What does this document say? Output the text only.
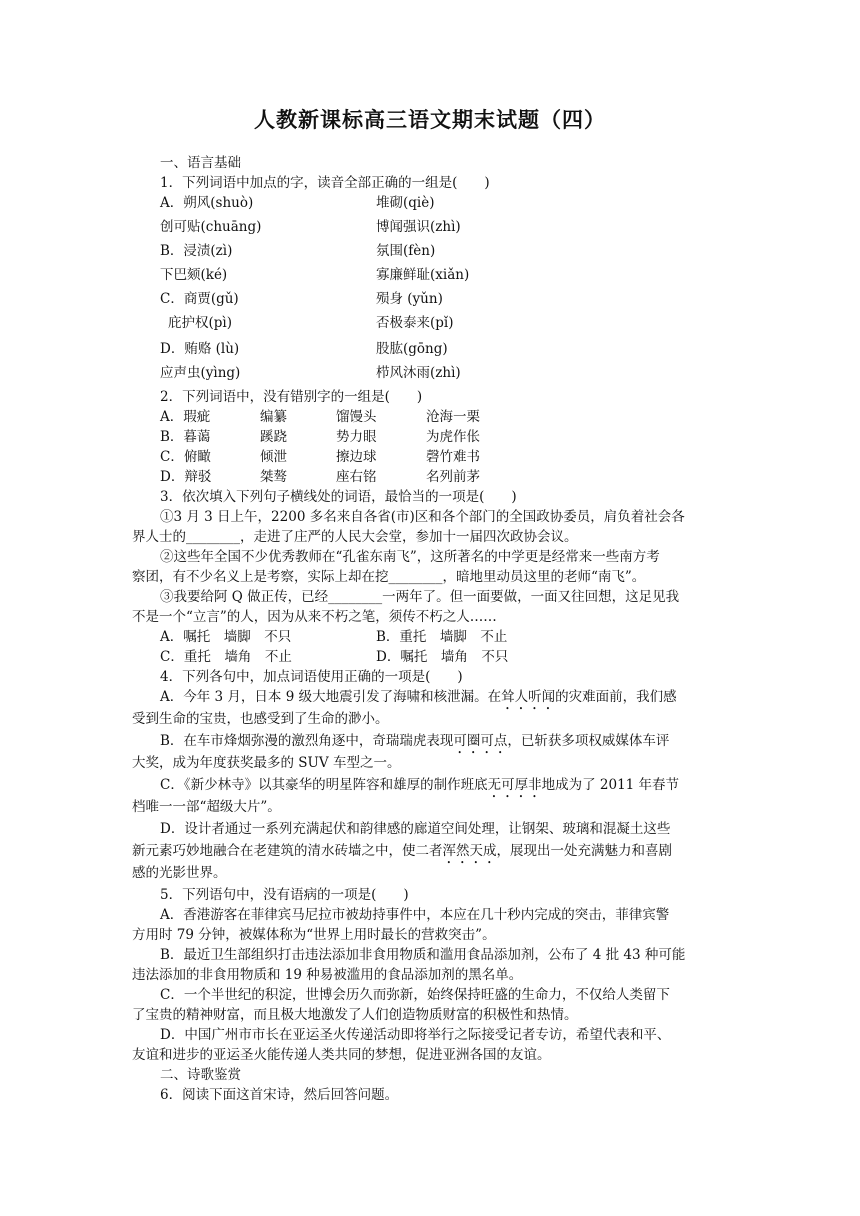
人教新课标高三语文期末试题（四）
一、语言基础
1．下列词语中加点的字，读音全部正确的一组是(　　)
A．朔风(shuò)	堆砌(qiè)
创可贴(chuāng)	博闻强识(zhì)
B．浸渍(zì)	氛围(fèn)
下巴颏(ké)	寡廉鲜耻(xiǎn)
C．商贾(gǔ)	殒身 (yǔn)
庇护权(pì)	否极泰来(pǐ)
D．贿赂 (lù)	股肱(gōng)
应声虫(yìng)	栉风沐雨(zhì)
2．下列词语中，没有错别字的一组是(　　)
A．瑕疵	编纂	馏馒头	沧海一栗
B．暮蔼	蹊跷	势力眼	为虎作伥
C．俯瞰	倾泄	擦边球	磬竹难书
D．辩驳	桀骜	座右铭	名列前茅
3．依次填入下列句子横线处的词语，最恰当的一项是(　　)
①3 月 3 日上午，2200 多名来自各省(市)区和各个部门的全国政协委员，肩负着社会各
界人士的________，走进了庄严的人民大会堂，参加十一届四次政协会议。
②这些年全国不少优秀教师在“孔雀东南飞”，这所著名的中学更是经常来一些南方考
察团，有不少名义上是考察，实际上却在挖________，暗地里动员这里的老师“南飞”。
③我要给阿 Q 做正传，已经________一两年了。但一面要做，一面又往回想，这足见我
不是一个“立言”的人，因为从来不朽之笔，须传不朽之人……
A．嘱托　墙脚　不只	B．重托　墙脚　不止
C．重托　墙角　不止	D．嘱托　墙角　不只
4．下列各句中，加点词语使用正确的一项是(　　)
A．今年 3 月，日本 9 级大地震引发了海啸和核泄漏。在耸人听闻的灾难面前，我们感
受到生命的宝贵，也感受到了生命的渺小。
B．在车市烽烟弥漫的激烈角逐中，奇瑞瑞虎表现可圈可点，已斩获多项权威媒体车评
大奖，成为年度获奖最多的 SUV 车型之一。
C．《新少林寺》以其豪华的明星阵容和雄厚的制作班底无可厚非地成为了 2011 年春节
档唯一一部“超级大片”。
D．设计者通过一系列充满起伏和韵律感的廊道空间处理，让钢架、玻璃和混凝土这些
新元素巧妙地融合在老建筑的清水砖墙之中，使二者浑然天成，展现出一处充满魅力和喜剧
感的光影世界。
5．下列语句中，没有语病的一项是(　　)
A．香港游客在菲律宾马尼拉市被劫持事件中，本应在几十秒内完成的突击，菲律宾警
方用时 79 分钟，被媒体称为“世界上用时最长的营救突击”。
B．最近卫生部组织打击违法添加非食用物质和滥用食品添加剂，公布了 4 批 43 种可能
违法添加的非食用物质和 19 种易被滥用的食品添加剂的黑名单。
C．一个半世纪的积淀，世博会历久而弥新，始终保持旺盛的生命力，不仅给人类留下
了宝贵的精神财富，而且极大地激发了人们创造物质财富的积极性和热情。
D．中国广州市市长在亚运圣火传递活动即将举行之际接受记者专访，希望代表和平、
友谊和进步的亚运圣火能传递人类共同的梦想，促进亚洲各国的友谊。
二、诗歌鉴赏
6．阅读下面这首宋诗，然后回答问题。
